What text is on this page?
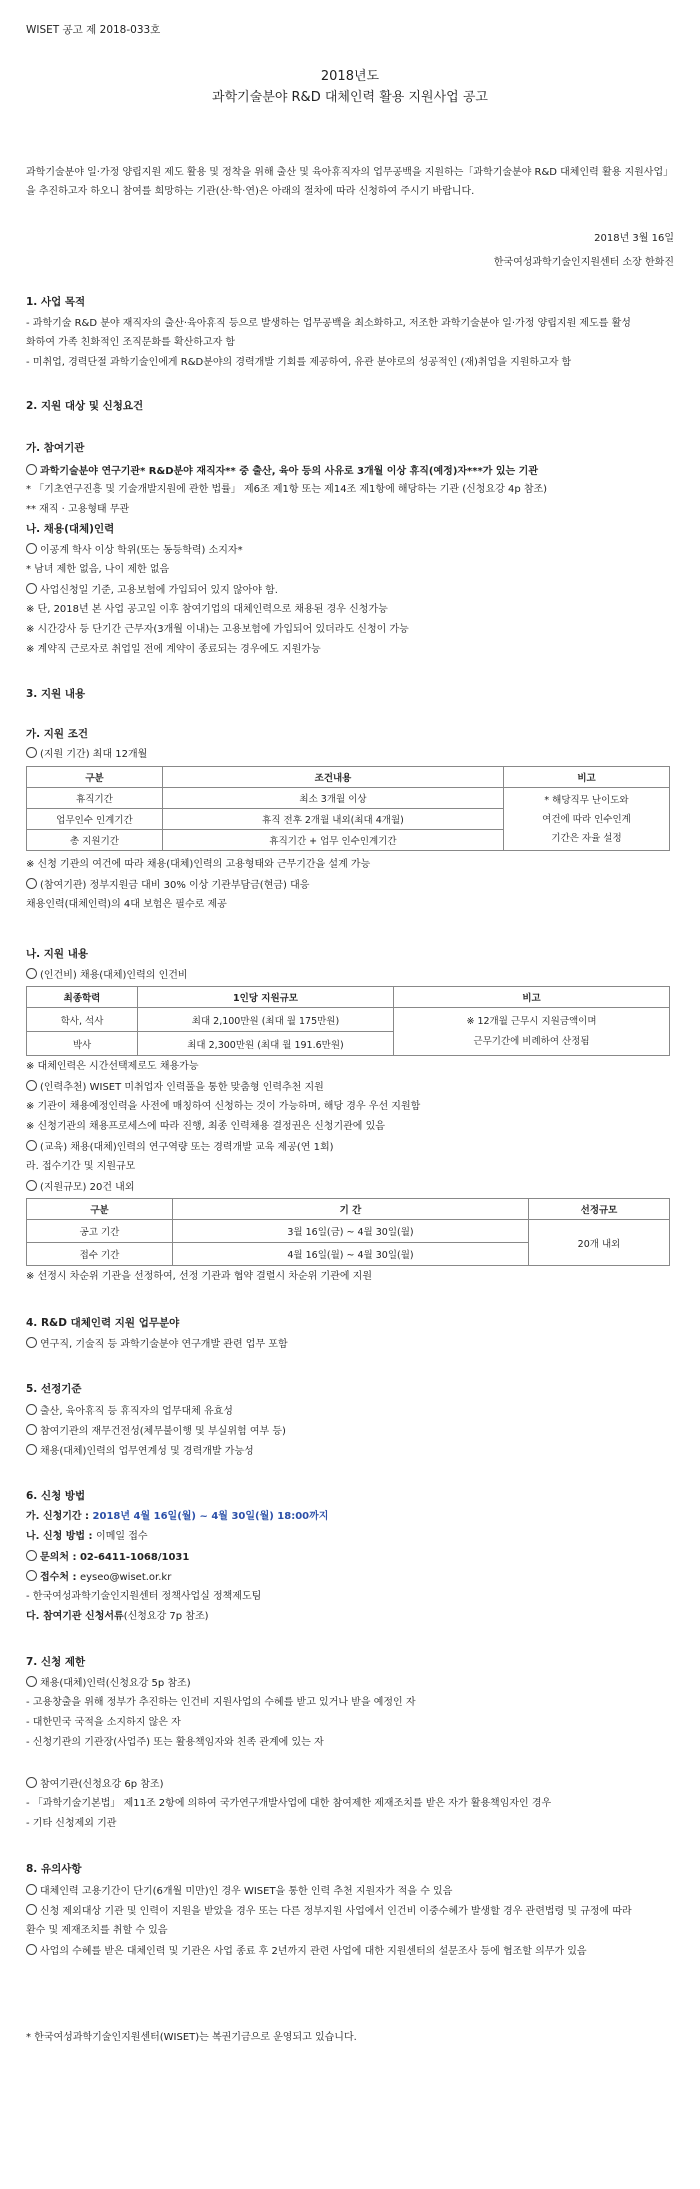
WISET 공고 제 2018-033호
2018년도
과학기술분야 R&D 대체인력 활용 지원사업 공고
과학기술분야 일·가정 양립지원 제도 활용 및 정착을 위해 출산 및 육아휴직자의 업무공백을 지원하는「과학기술분야 R&D 대체인력 활용 지원사업」을 추진하고자 하오니 참여를 희망하는 기관(산·학·연)은 아래의 절차에 따라 신청하여 주시기 바랍니다.
2018년 3월 16일
한국여성과학기술인지원센터 소장 한화진
1. 사업 목적
- 과학기술 R&D 분야 재직자의 출산·육아휴직 등으로 발생하는 업무공백을 최소화하고, 저조한 과학기술분야 일·가정 양립지원 제도를 활성
화하여 가족 친화적인 조직문화를 확산하고자 함
- 미취업, 경력단절 과학기술인에게 R&D분야의 경력개발 기회를 제공하여, 유관 분야로의 성공적인 (재)취업을 지원하고자 함
2. 지원 대상 및 신청요건
가. 참여기관
과학기술분야 연구기관* R&D분야 재직자** 중 출산, 육아 등의 사유로 3개월 이상 휴직(예정)자***가 있는 기관
* 「기초연구진흥 및 기술개발지원에 관한 법률」 제6조 제1항 또는 제14조 제1항에 해당하는 기관 (신청요강 4p 참조)
** 재직 · 고용형태 무관
나. 채용(대체)인력
이공계 학사 이상 학위(또는 동등학력) 소지자*
* 남녀 제한 없음, 나이 제한 없음
사업신청일 기준, 고용보험에 가입되어 있지 않아야 함.
※ 단, 2018년 본 사업 공고일 이후 참여기업의 대체인력으로 채용된 경우 신청가능
※ 시간강사 등 단기간 근무자(3개월 이내)는 고용보험에 가입되어 있더라도 신청이 가능
※ 계약직 근로자로 취업일 전에 계약이 종료되는 경우에도 지원가능
3. 지원 내용
가. 지원 조건
(지원 기간) 최대 12개월
구분	조건내용	비고
휴직기간	최소 3개월 이상	* 해당직무 난이도와
여건에 따라 인수인계
기간은 자율 설정

업무인수 인계기간	휴직 전후 2개월 내외(최대 4개월)	
총 지원기간	휴직기간 + 업무 인수인계기간	
※ 신청 기관의 여건에 따라 채용(대체)인력의 고용형태와 근무기간을 설계 가능
(참여기관) 정부지원금 대비 30% 이상 기관부담금(현금) 대응
채용인력(대체인력)의 4대 보험은 필수로 제공
나. 지원 내용
(인건비) 채용(대체)인력의 인건비
최종학력	1인당 지원규모	비고
학사, 석사	최대 2,100만원 (최대 월 175만원)	※ 12개월 근무시 지원금액이며
근무기간에 비례하여 산정됨

박사	최대 2,300만원 (최대 월 191.6만원)	
※ 대체인력은 시간선택제로도 채용가능
(인력추천) WISET 미취업자 인력풀을 통한 맞춤형 인력추천 지원
※ 기관이 채용예정인력을 사전에 매칭하여 신청하는 것이 가능하며, 해당 경우 우선 지원함
※ 신청기관의 채용프로세스에 따라 진행, 최종 인력채용 결정권은 신청기관에 있음
(교육) 채용(대체)인력의 연구역량 또는 경력개발 교육 제공(연 1회)
라. 접수기간 및 지원규모
(지원규모) 20건 내외
구분	기 간	선정규모
공고 기간	3월 16일(금) ~ 4월 30일(월)	20개 내외
접수 기간	4월 16일(월) ~ 4월 30일(월)	
※ 선정시 차순위 기관을 선정하여, 선정 기관과 협약 결렬시 차순위 기관에 지원
4. R&D 대체인력 지원 업무분야
연구직, 기술직 등 과학기술분야 연구개발 관련 업무 포함
5. 선정기준
출산, 육아휴직 등 휴직자의 업무대체 유효성
참여기관의 재무건전성(체무불이행 및 부실위험 여부 등)
채용(대체)인력의 업무연계성 및 경력개발 가능성
6. 신청 방법
가. 신청기간 : 2018년 4월 16일(월) ~ 4월 30일(월) 18:00까지
나. 신청 방법 : 이메일 접수
문의처 : 02-6411-1068/1031
접수처 : eyseo@wiset.or.kr
- 한국여성과학기술인지원센터 정책사업실 정책제도팀
다. 참여기관 신청서류(신청요강 7p 참조)
7. 신청 제한
채용(대체)인력(신청요강 5p 참조)
- 고용창출을 위해 정부가 추진하는 인건비 지원사업의 수혜를 받고 있거나 받을 예정인 자
- 대한민국 국적을 소지하지 않은 자
- 신청기관의 기관장(사업주) 또는 활용책임자와 친족 관계에 있는 자
참여기관(신청요강 6p 참조)
- 「과학기술기본법」 제11조 2항에 의하여 국가연구개발사업에 대한 참여제한 제재조치를 받은 자가 활용책임자인 경우
- 기타 신청제외 기관
8. 유의사항
대체인력 고용기간이 단기(6개월 미만)인 경우 WISET을 통한 인력 추천 지원자가 적을 수 있음
신청 제외대상 기관 및 인력이 지원을 받았을 경우 또는 다른 정부지원 사업에서 인건비 이중수혜가 발생할 경우 관련법령 및 규정에 따라
환수 및 제재조치를 취할 수 있음
사업의 수혜를 받은 대체인력 및 기관은 사업 종료 후 2년까지 관련 사업에 대한 지원센터의 설문조사 등에 협조할 의무가 있음
* 한국여성과학기술인지원센터(WISET)는 복권기금으로 운영되고 있습니다.
